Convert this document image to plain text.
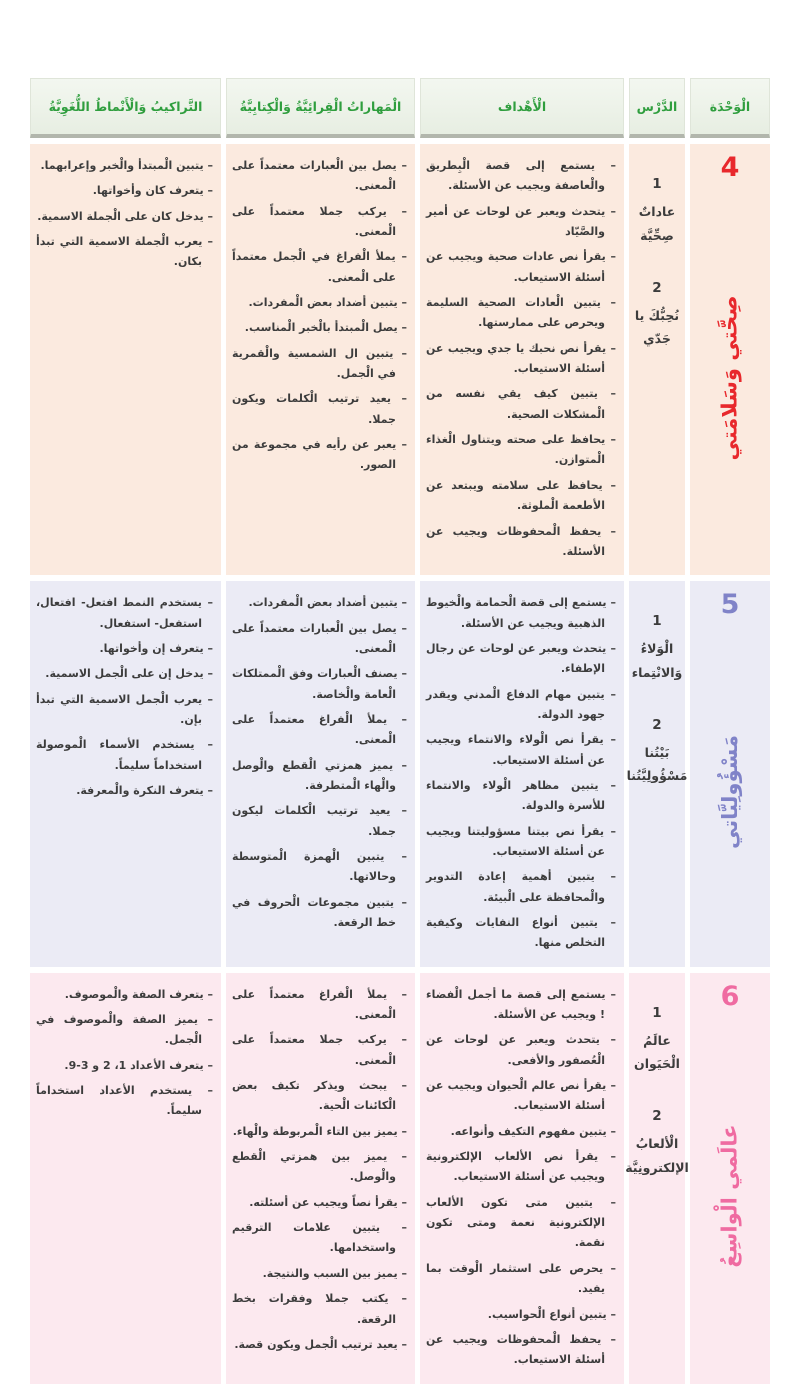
الْوَحْدَة
الدَّرْس
الْأَهْداف
الْمَهاراتُ الْقِرائِيَّةُ وَالْكِتابِيَّةُ
التَّراكيبُ وَالْأَنْماطُ اللُّغَوِيَّةُ
4
صِحَّتي وَسَلامَتي
1
عاداتٌ صِحِّيَّة
2
نُحِبُّكَ يا جَدّي
– يستمع إلى قصة الْبِطريق والْعاصفة ويجيب عن الأسئلة.
– يتحدث ويعبر عن لوحات عن أمير والصَّيّاد
– يقرأ نص عادات صحية ويجيب عن أسئلة الاستيعاب.
– يتبين الْعادات الصحية السليمة ويحرص على ممارستها.
– يقرأ نص نحبك يا جدي ويجيب عن أسئلة الاستيعاب.
– يتبين كيف يقي نفسه من الْمشكلات الصحية.
– يحافظ على صحته ويتناول الْغذاء الْمتوازن.
– يحافظ على سلامته ويبتعد عن الأطعمة الْملوثة.
– يحفظ الْمحفوظات ويجيب عن الأسئلة.
– يصل بين الْعبارات معتمداً على الْمعنى.
– يركب جملا معتمداً على الْمعنى.
– يملأ الْفراغ في الْجمل معتمداً على الْمعنى.
– يتبين أضداد بعض الْمفردات.
– يصل الْمبتدأ بالْخبر الْمناسب.
– يتبين ال الشمسية والْقمرية في الْجمل.
– يعيد ترتيب الْكلمات ويكون جملا.
– يعبر عن رأيه في مجموعة من الصور.
– يتبين الْمبتدأ والْخبر وإعرابهما.
– يتعرف كان وأخواتها.
– يدخل كان على الْجملة الاسمية.
– يعرب الْجملة الاسمية التي تبدأ بكان.
5
مَسْؤُولِيَّاتي
1
الْوَلاءُ وَالانْتِماء
2
بَيْتُنا مَسْؤُولِيَّتُنا
– يستمع إلى قصة الْحمامة والْخيوط الذهبية ويجيب عن الأسئلة.
– يتحدث ويعبر عن لوحات عن رجال الإطفاء.
– يتبين مهام الدفاع الْمدني ويقدر جهود الدولة.
– يقرأ نص الْولاء والانتماء ويجيب عن أسئلة الاستيعاب.
– يتبين مظاهر الْولاء والانتماء للأسرة والدولة.
– يقرأ نص بيتنا مسؤوليتنا ويجيب عن أسئلة الاستيعاب.
– يتبين أهمية إعادة التدوير والْمحافظة على الْبيئة.
– يتبين أنواع النفايات وكيفية التخلص منها.
– يتبين أضداد بعض الْمفردات.
– يصل بين الْعبارات معتمداً على الْمعنى.
– يصنف الْعبارات وفق الْممتلكات الْعامة والْخاصة.
– يملأ الْفراغ معتمداً على الْمعنى.
– يميز همزتي الْقطع والْوصل والْهاء الْمتطرفة.
– يعيد ترتيب الْكلمات ليكون جملا.
– يتبين الْهمزة الْمتوسطة وحالاتها.
– يتبين مجموعات الْحروف في خط الرقعة.
– يستخدم النمط افتعل- افتعال، استفعل- استفعال.
– يتعرف إن وأخواتها.
– يدخل إن على الْجمل الاسمية.
– يعرب الْجمل الاسمية التي تبدأ بإن.
– يستخدم الأسماء الْموصولة استخداماً سليماً.
– يتعرف النكرة والْمعرفة.
6
عالَمي الْواسِعُ
1
عالَمُ الْحَيَوان
2
الْألعابُ الإلكترونِيَّة
– يستمع إلى قصة ما أجمل الْفضاء ! ويجيب عن الأسئلة.
– يتحدث ويعبر عن لوحات عن الْعُصفور والأفعى.
– يقرأ نص عالم الْحيوان ويجيب عن أسئلة الاستيعاب.
– يتبين مفهوم التكيف وأنواعه.
– يقرأ نص الألعاب الإلكترونية ويجيب عن أسئلة الاستيعاب.
– يتبين متى تكون الألعاب الإلكترونية نعمة ومتى تكون نقمة.
– يحرص على استثمار الْوقت بما يفيد.
– يتبين أنواع الْحواسيب.
– يحفظ الْمحفوظات ويجيب عن أسئلة الاستيعاب.
– يملأ الْفراغ معتمداً على الْمعنى.
– يركب جملا معتمداً على الْمعنى.
– يبحث ويذكر تكيف بعض الْكائنات الْحية.
– يميز بين التاء الْمربوطة والْهاء.
– يميز بين همزتي الْقطع والْوصل.
– يقرأ نصاً ويجيب عن أسئلته.
– يتبين علامات الترقيم واستخدامها.
– يميز بين السبب والنتيجة.
– يكتب جملا وفقرات بخط الرقعة.
– يعيد ترتيب الْجمل ويكون قصة.
– يتعرف الصفة والْموصوف.
– يميز الصفة والْموصوف في الْجمل.
– يتعرف الأعداد 1، 2 و 3-9.
– يستخدم الأعداد استخداماً سليماً.
